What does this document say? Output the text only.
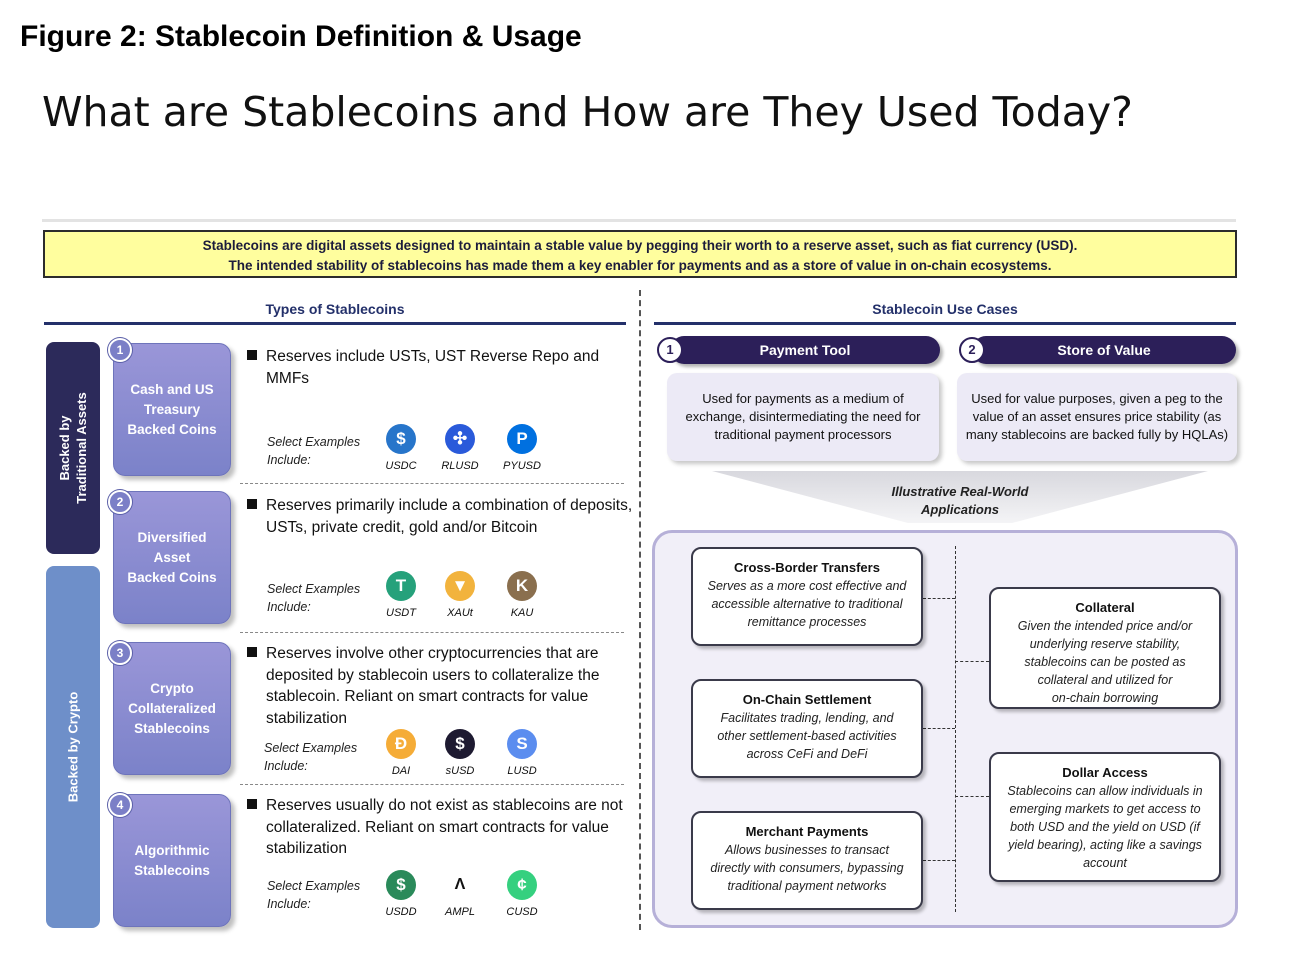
Figure 2: Stablecoin Definition & Usage
What are Stablecoins and How are They Used Today?
Stablecoins are digital assets designed to maintain a stable value by pegging their worth to a reserve asset, such as fiat currency (USD).
The intended stability of stablecoins has made them a key enabler for payments and as a store of value in on-chain ecosystems.
Types of Stablecoins	Stablecoin Use Cases
Backed by Traditional Assets
Backed by Crypto
Cash and US
Treasury
Backed Coins
1
Diversified
Asset
Backed Coins
2
Crypto
Collateralized
Stablecoins
3
Algorithmic
Stablecoins
4
Reserves include USTs, UST Reverse Repo and MMFs
Reserves primarily include a combination of deposits, USTs, private credit, gold and/or Bitcoin
Reserves involve other cryptocurrencies that are deposited by stablecoin users to collateralize the stablecoin. Reliant on smart contracts for value stabilization
Reserves usually do not exist as stablecoins are not collateralized. Reliant on smart contracts for value stabilization
Select Examples
Include:
Select Examples
Include:
Select Examples
Include:
Select Examples
Include:
$
USDC
✣
RLUSD
P
PYUSD
T
USDT
▼
XAUt
K
KAU
Đ
DAI
$
sUSD
S
LUSD
$
USDD
Λ
AMPL
¢
CUSD
Payment Tool
1	Store of Value
2
Used for payments as a medium of
exchange, disintermediating the need for
traditional payment processors
Used for value purposes, given a peg to the
value of an asset ensures price stability (as
many stablecoins are backed fully by HQLAs)
Illustrative Real-World
Applications
Cross-Border Transfers
Serves as a more cost effective and
accessible alternative to traditional
remittance processes
On-Chain Settlement
Facilitates trading, lending, and
other settlement-based activities
across CeFi and DeFi
Merchant Payments
Allows businesses to transact
directly with consumers, bypassing
traditional payment networks
Collateral
Given the intended price and/or
underlying reserve stability,
stablecoins can be posted as
collateral and utilized for
on-chain borrowing
Dollar Access
Stablecoins can allow individuals in
emerging markets to get access to
both USD and the yield on USD (if
yield bearing), acting like a savings
account
